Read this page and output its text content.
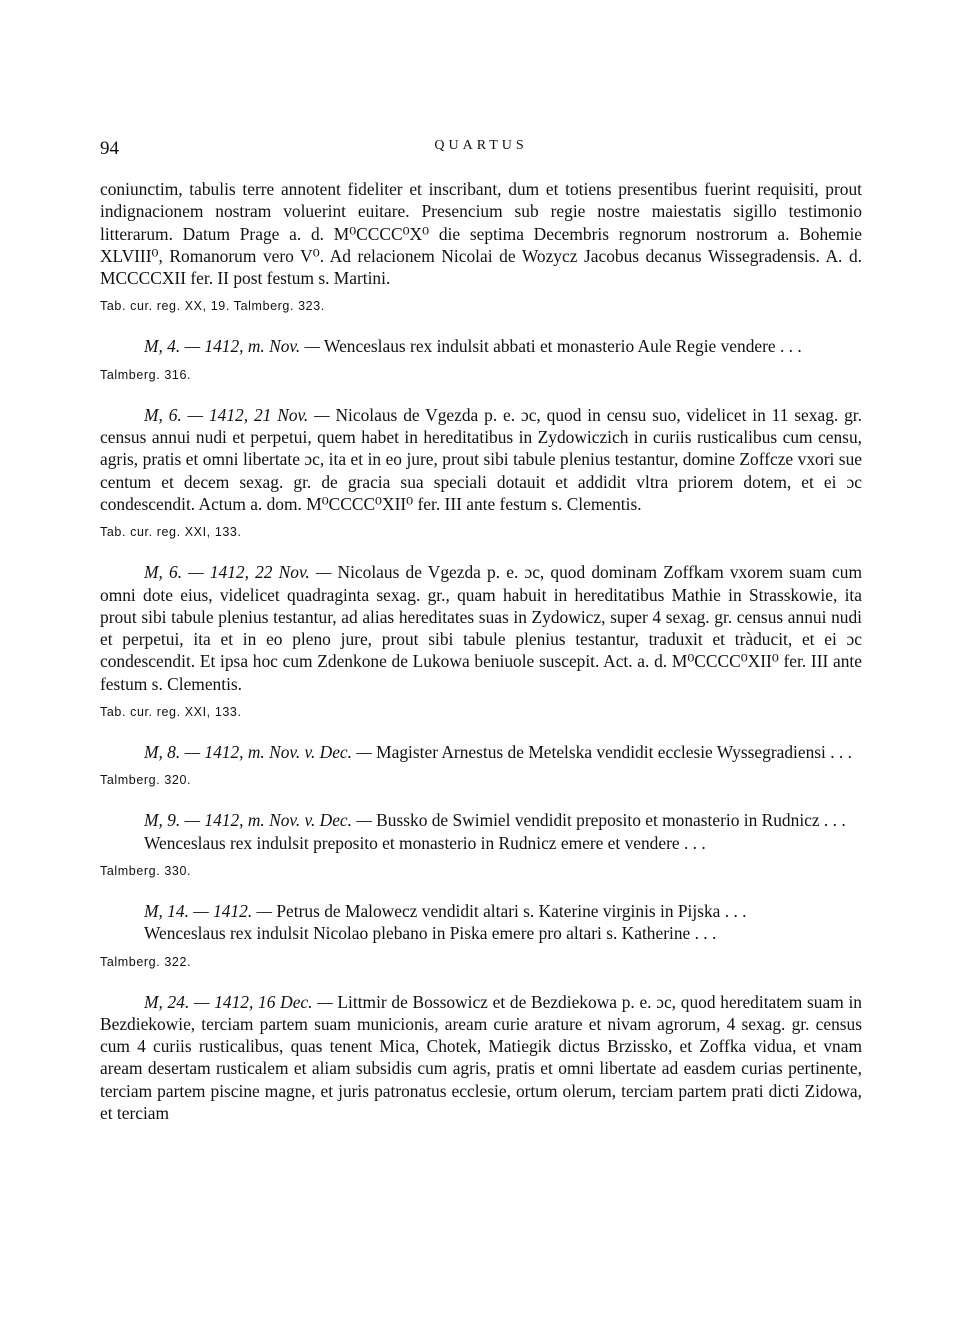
94	QUARTUS

coniunctim, tabulis terre annotent fideliter et inscribant, dum et totiens presentibus fuerint requisiti, prout indignacionem nostram voluerint euitare. Presencium sub regie nostre maiestatis sigillo testimonio litterarum. Datum Prage a. d. M⁰CCCC⁰X⁰ die septima Decembris regnorum nostrorum a. Bohemie XLVIII⁰, Romanorum vero V⁰. Ad relacionem Nicolai de Wozycz Jacobus decanus Wissegradensis. A. d. MCCCCXII fer. II post festum s. Martini.

Tab. cur. reg. XX, 19. Talmberg. 323.

M, 4. — 1412, m. Nov. — Wenceslaus rex indulsit abbati et monasterio Aule Regie vendere . . .

Talmberg. 316.

M, 6. — 1412, 21 Nov. — Nicolaus de Vgezda p. e. ɔc, quod in censu suo, videlicet in 11 sexag. gr. census annui nudi et perpetui, quem habet in hereditatibus in Zydowiczich in curiis rusticalibus cum censu, agris, pratis et omni libertate ɔc, ita et in eo jure, prout sibi tabule plenius testantur, domine Zoffcze vxori sue centum et decem sexag. gr. de gracia sua speciali dotauit et addidit vltra priorem dotem, et ei ɔc condescendit. Actum a. dom. M⁰CCCC⁰XII⁰ fer. III ante festum s. Clementis.

Tab. cur. reg. XXI, 133.

M, 6. — 1412, 22 Nov. — Nicolaus de Vgezda p. e. ɔc, quod dominam Zoffkam vxorem suam cum omni dote eius, videlicet quadraginta sexag. gr., quam habuit in hereditatibus Mathie in Strasskowie, ita prout sibi tabule plenius testantur, ad alias hereditates suas in Zydowicz, super 4 sexag. gr. census annui nudi et perpetui, ita et in eo pleno jure, prout sibi tabule plenius testantur, traduxit et tràducit, et ei ɔc condescendit. Et ipsa hoc cum Zdenkone de Lukowa beniuole suscepit. Act. a. d. M⁰CCCC⁰XII⁰ fer. III ante festum s. Clementis.

Tab. cur. reg. XXI, 133.

M, 8. — 1412, m. Nov. v. Dec. — Magister Arnestus de Metelska vendidit ecclesie Wyssegradiensi . . .

Talmberg. 320.

M, 9. — 1412, m. Nov. v. Dec. — Bussko de Swimiel vendidit preposito et monasterio in Rudnicz . . .

Wenceslaus rex indulsit preposito et monasterio in Rudnicz emere et vendere . . .

Talmberg. 330.

M, 14. — 1412. — Petrus de Malowecz vendidit altari s. Katerine virginis in Pijska . . .

Wenceslaus rex indulsit Nicolao plebano in Piska emere pro altari s. Katherine . . .

Talmberg. 322.

M, 24. — 1412, 16 Dec. — Littmir de Bossowicz et de Bezdiekowa p. e. ɔc, quod hereditatem suam in Bezdiekowie, terciam partem suam municionis, aream curie arature et nivam agrorum, 4 sexag. gr. census cum 4 curiis rusticalibus, quas tenent Mica, Chotek, Matiegik dictus Brzissko, et Zoffka vidua, et vnam aream desertam rusticalem et aliam subsidis cum agris, pratis et omni libertate ad easdem curias pertinente, terciam partem piscine magne, et juris patronatus ecclesie, ortum olerum, terciam partem prati dicti Zidowa, et terciam
